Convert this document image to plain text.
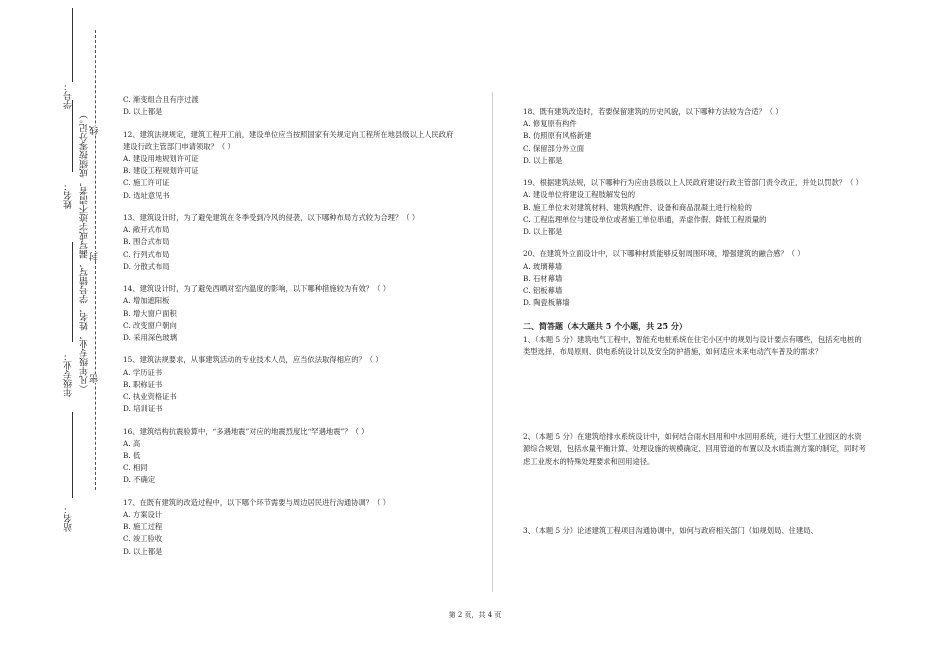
学号：
姓名：
年级专业：
站名：
（凡年级专业、姓名、学号错写、漏写或字迹不清者，成绩按零分记。） 密
封
线

C. 渐变组合且有序过渡

D. 以上都是

12、建筑法规规定，建筑工程开工前，建设单位应当按照国家有关规定向工程所在地县级以上人民政府建设行政主管部门申请领取？（ ）

A. 建设用地规划许可证

B. 建设工程规划许可证

C. 施工许可证

D. 选址意见书

13、建筑设计时，为了避免建筑在冬季受到冷风的侵袭，以下哪种布局方式较为合理？（ ）

A. 敞开式布局

B. 围合式布局

C. 行列式布局

D. 分散式布局

14、建筑设计时，为了避免西晒对室内温度的影响，以下哪种措施较为有效？（ ）

A. 增加遮阳板

B. 增大窗户面积

C. 改变窗户朝向

D. 采用深色玻璃

15、建筑法规要求，从事建筑活动的专业技术人员，应当依法取得相应的？（ ）

A. 学历证书

B. 职称证书

C. 执业资格证书

D. 培训证书

16、建筑结构抗震验算中，“多遇地震”对应的地震烈度比“罕遇地震”？（ ）

A. 高

B. 低

C. 相同

D. 不确定

17、在既有建筑的改造过程中，以下哪个环节需要与周边居民进行沟通协调？（ ）

A. 方案设计

B. 施工过程

C. 竣工验收

D. 以上都是

18、既有建筑改造时，若要保留建筑的历史风貌，以下哪种方法较为合适？（ ）

A. 修复原有构件

B. 仿照原有风格新建

C. 保留部分外立面

D. 以上都是

19、根据建筑法规，以下哪种行为应由县级以上人民政府建设行政主管部门责令改正，并处以罚款？（ ）

A. 建设单位将建设工程肢解发包的

B. 施工单位未对建筑材料、建筑构配件、设备和商品混凝土进行检验的

C. 工程监理单位与建设单位或者施工单位串通，弄虚作假、降低工程质量的

D. 以上都是

20、在建筑外立面设计中，以下哪种材质能够反射周围环境，增强建筑的融合感？（ ）

A. 玻璃幕墙

B. 石材幕墙

C. 铝板幕墙

D. 陶瓷板幕墙

二、简答题（本大题共 5 个小题，共 25 分）

1、（本题 5 分）建筑电气工程中，智能充电桩系统在住宅小区中的规划与设计要点有哪些，包括充电桩的类型选择、布局原则、供电系统设计以及安全防护措施，如何适应未来电动汽车普及的需求？

2、（本题 5 分）在建筑给排水系统设计中，如何结合雨水回用和中水回用系统，进行大型工业园区的水资源综合规划，包括水量平衡计算、处理设施的规模确定、回用管道的布置以及水质监测方案的制定，同时考虑工业废水的特殊处理要求和回用途径。

3、（本题 5 分）论述建筑工程项目沟通协调中，如何与政府相关部门（如规划局、住建局、

第 2 页，共 4 页
